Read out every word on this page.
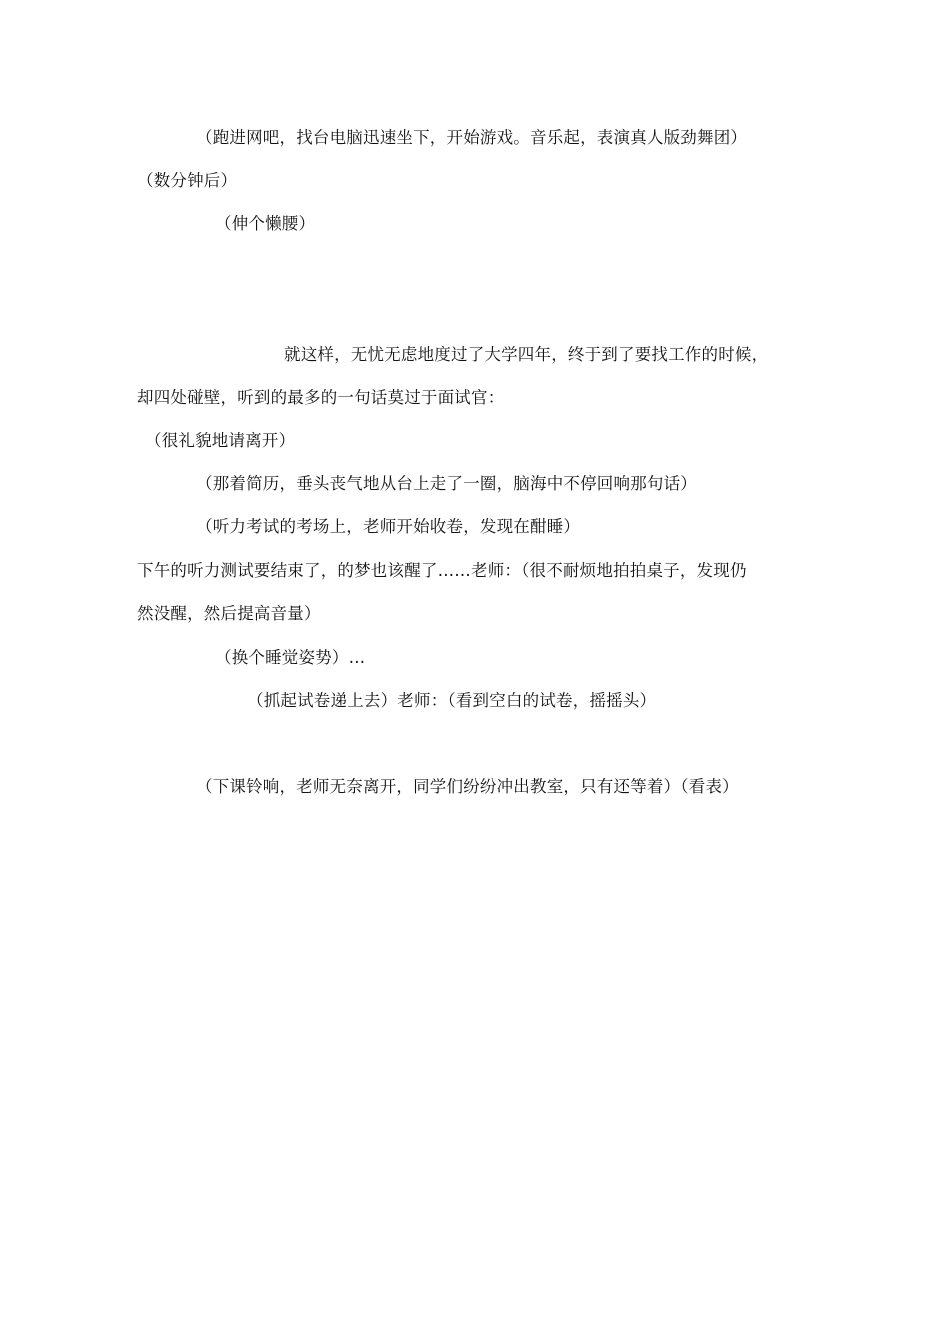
（跑进网吧，找台电脑迅速坐下，开始游戏。音乐起，表演真人版劲舞团）
（数分钟后）
（伸个懒腰）
就这样，无忧无虑地度过了大学四年，终于到了要找工作的时候，
却四处碰壁，听到的最多的一句话莫过于面试官：
（很礼貌地请离开）
（那着简历，垂头丧气地从台上走了一圈，脑海中不停回响那句话）
（听力考试的考场上，老师开始收卷，发现在酣睡）
下午的听力测试要结束了，的梦也该醒了……老师：（很不耐烦地拍拍桌子，发现仍
然没醒，然后提高音量）
（换个睡觉姿势）…
（抓起试卷递上去）老师：（看到空白的试卷，摇摇头）
（下课铃响，老师无奈离开，同学们纷纷冲出教室，只有还等着）（看表）
